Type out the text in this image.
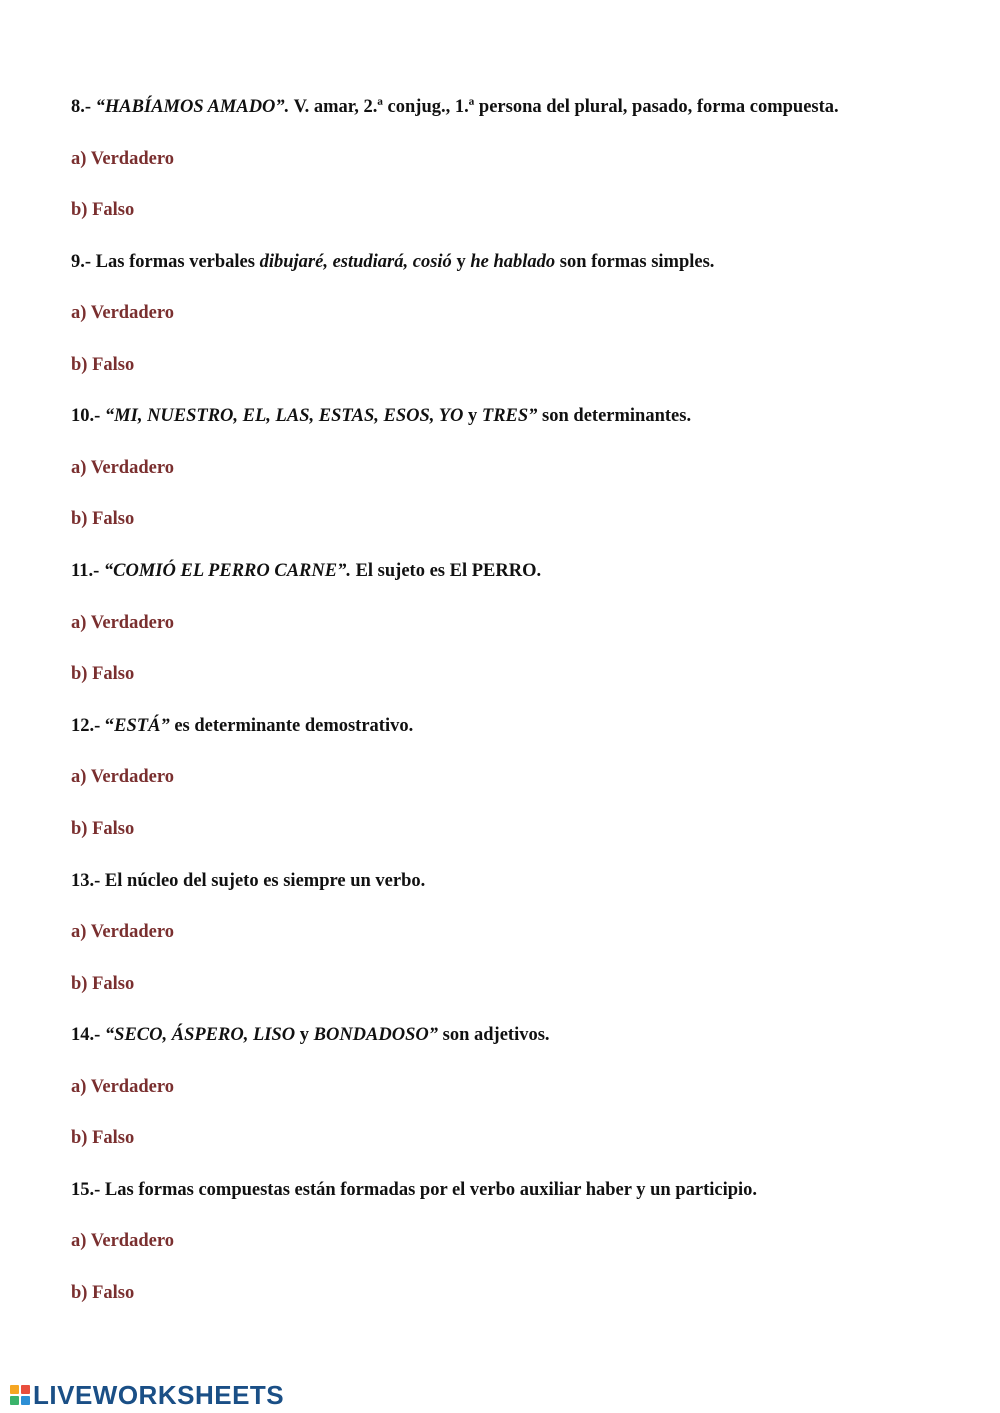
8.- “HABÍAMOS AMADO”. V. amar, 2.ª conjug., 1.ª persona del plural, pasado, forma compuesta.

a) Verdadero

b) Falso

9.- Las formas verbales dibujaré, estudiará, cosió y he hablado son formas simples.

a) Verdadero

b) Falso

10.- “MI, NUESTRO, EL, LAS, ESTAS, ESOS, YO y TRES” son determinantes.

a) Verdadero

b) Falso

11.- “COMIÓ EL PERRO CARNE”. El sujeto es El PERRO.

a) Verdadero

b) Falso

12.- “ESTÁ” es determinante demostrativo.

a) Verdadero

b) Falso

13.- El núcleo del sujeto es siempre un verbo.

a) Verdadero

b) Falso

14.- “SECO, ÁSPERO, LISO y BONDADOSO” son adjetivos.

a) Verdadero

b) Falso

15.- Las formas compuestas están formadas por el verbo auxiliar haber y un participio.

a) Verdadero

b) Falso

LIVEWORKSHEETS
